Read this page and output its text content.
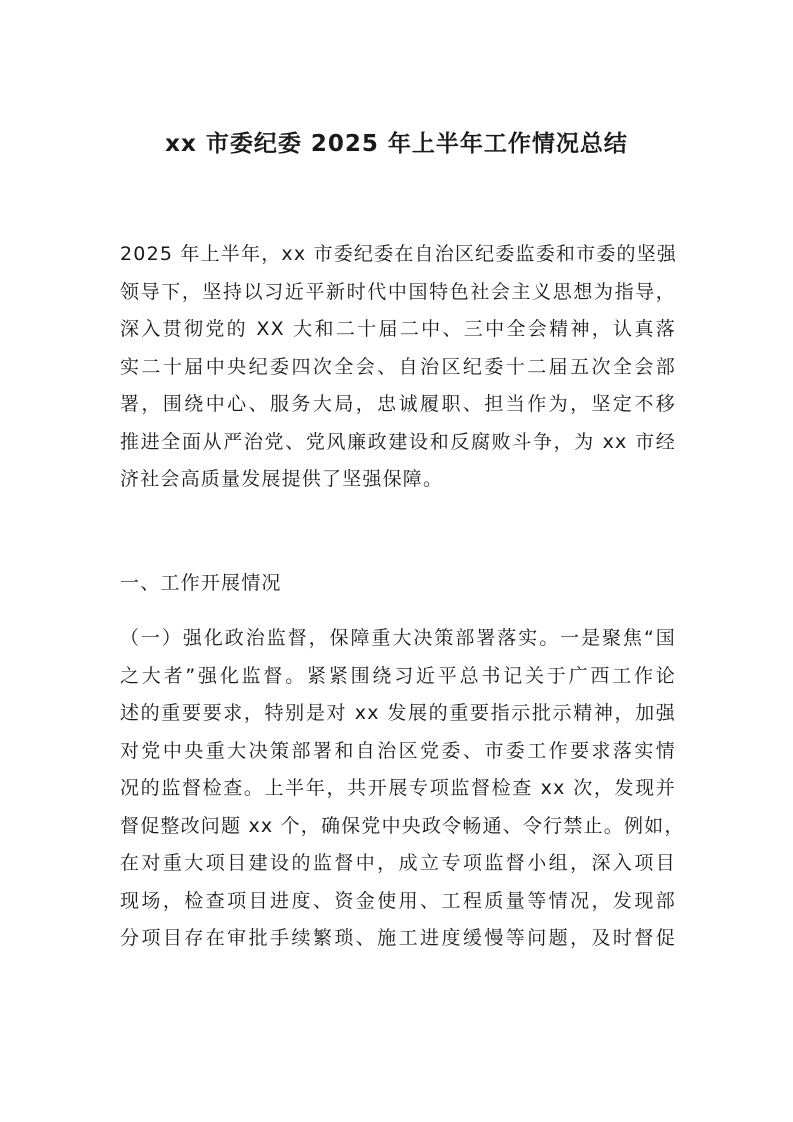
xx 市委纪委 2025 年上半年工作情况总结
2025 年上半年，xx 市委纪委在自治区纪委监委和市委的坚强
领导下，坚持以习近平新时代中国特色社会主义思想为指导，
深入贯彻党的 XX 大和二十届二中、三中全会精神，认真落
实二十届中央纪委四次全会、自治区纪委十二届五次全会部
署，围绕中心、服务大局，忠诚履职、担当作为，坚定不移
推进全面从严治党、党风廉政建设和反腐败斗争，为 xx 市经
济社会高质量发展提供了坚强保障。
一、工作开展情况
（一）强化政治监督，保障重大决策部署落实。一是聚焦“国
之大者”强化监督。紧紧围绕习近平总书记关于广西工作论
述的重要要求，特别是对 xx 发展的重要指示批示精神，加强
对党中央重大决策部署和自治区党委、市委工作要求落实情
况的监督检查。上半年，共开展专项监督检查 xx 次，发现并
督促整改问题 xx 个，确保党中央政令畅通、令行禁止。例如，
在对重大项目建设的监督中，成立专项监督小组，深入项目
现场，检查项目进度、资金使用、工程质量等情况，发现部
分项目存在审批手续繁琐、施工进度缓慢等问题，及时督促
